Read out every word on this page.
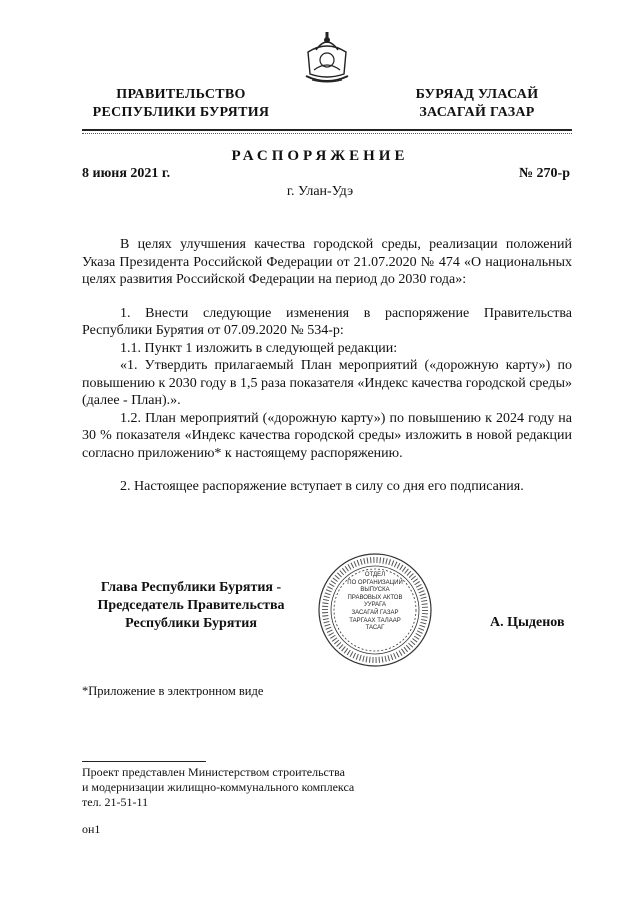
ПРАВИТЕЛЬСТВО
РЕСПУБЛИКИ БУРЯТИЯ
БУРЯАД УЛАСАЙ
ЗАСАГАЙ ГАЗАР
РАСПОРЯЖЕНИЕ
8 июня 2021 г.	№ 270-р
г. Улан-Удэ

В целях улучшения качества городской среды, реализации положений Указа Президента Российской Федерации от 21.07.2020 № 474 «О национальных целях развития Российской Федерации на период до 2030 года»:

1. Внести следующие изменения в распоряжение Правительства Республики Бурятия от 07.09.2020 № 534-р:

1.1. Пункт 1 изложить в следующей редакции:

«1. Утвердить прилагаемый План мероприятий («дорожную карту») по повышению к 2030 году в 1,5 раза показателя «Индекс качества городской среды» (далее - План).».

1.2. План мероприятий («дорожную карту») по повышению к 2024 году на 30 % показателя «Индекс качества городской среды» изложить в новой редакции согласно приложению* к настоящему распоряжению.

2. Настоящее распоряжение вступает в силу со дня его подписания.

Глава Республики Бурятия -
Председатель Правительства
Республики Бурятия
ОТДЕЛ
ПО ОРГАНИЗАЦИИ
ВЫПУСКА
ПРАВОВЫХ АКТОВ
УУРАГА
ЗАСАГАЙ ГАЗАР
ТАРГААХ ТАЛААР
ТАСАГ	А. Цыденов
*Приложение в электронном виде
Проект представлен Министерством строительства
и модернизации жилищно-коммунального комплекса
тел. 21-51-11
он1
